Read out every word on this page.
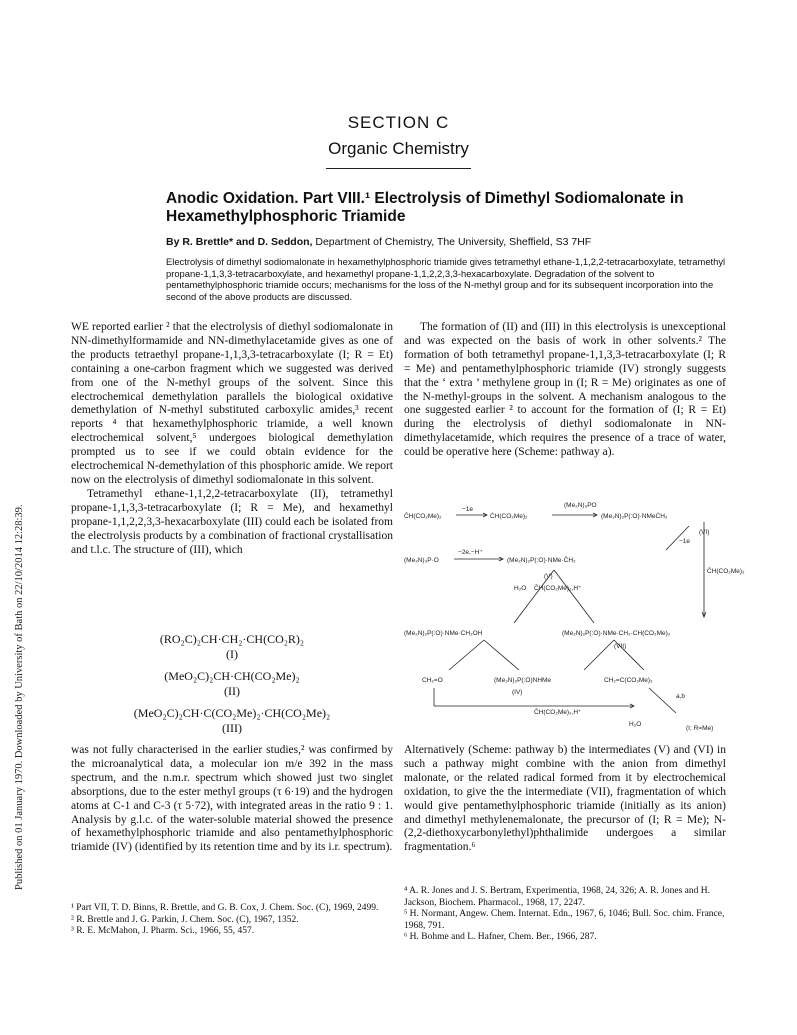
Published on 01 January 1970. Downloaded by University of Bath on 22/10/2014 12:28:39.
SECTION C
Organic Chemistry
Anodic Oxidation. Part VIII.¹ Electrolysis of Dimethyl Sodiomalonate in Hexamethylphosphoric Triamide
By R. Brettle* and D. Seddon, Department of Chemistry, The University, Sheffield, S3 7HF
Electrolysis of dimethyl sodiomalonate in hexamethylphosphoric triamide gives tetramethyl ethane-1,1,2,2-tetracarboxylate, tetramethyl propane-1,1,3,3-tetracarboxylate, and hexamethyl propane-1,1,2,2,3,3-hexacarboxylate. Degradation of the solvent to pentamethylphosphoric triamide occurs; mechanisms for the loss of the N-methyl group and for its subsequent incorporation into the second of the above products are discussed.

WE reported earlier ² that the electrolysis of diethyl sodiomalonate in NN-dimethylformamide and NN-dimethylacetamide gives as one of the products tetraethyl propane-1,1,3,3-tetracarboxylate (I; R = Et) containing a one-carbon fragment which we suggested was derived from one of the N-methyl groups of the solvent. Since this electrochemical demethylation parallels the biological oxidative demethylation of N-methyl substituted carboxylic amides,³ recent reports ⁴ that hexamethylphosphoric triamide, a well known electrochemical solvent,⁵ undergoes biological demethylation prompted us to see if we could obtain evidence for the electrochemical N-demethylation of this phosphoric amide. We report now on the electrolysis of dimethyl sodiomalonate in this solvent.

Tetramethyl ethane-1,1,2,2-tetracarboxylate (II), tetramethyl propane-1,1,3,3-tetracarboxylate (I; R = Me), and hexamethyl propane-1,1,2,2,3,3-hexacarboxylate (III) could each be isolated from the electrolysis products by a combination of fractional crystallisation and t.l.c. The structure of (III), which

(RO₂C)₂CH·CH₂·CH(CO₂R)₂
(I)
(MeO₂C)₂CH·CH(CO₂Me)₂
(II)
(MeO₂C)₂CH·C(CO₂Me)₂·CH(CO₂Me)₂
(III)

was not fully characterised in the earlier studies,² was confirmed by the microanalytical data, a molecular ion m/e 392 in the mass spectrum, and the n.m.r. spectrum which showed just two singlet absorptions, due to the ester methyl groups (τ 6·19) and the hydrogen atoms at C-1 and C-3 (τ 5·72), with integrated areas in the ratio 9 : 1. Analysis by g.l.c. of the water-soluble material showed the presence of hexamethylphosphoric triamide and also pentamethylphosphoric triamide (IV) (identified by its retention time and by its i.r. spectrum).

The formation of (II) and (III) in this electrolysis is unexceptional and was expected on the basis of work in other solvents.² The formation of both tetramethyl propane-1,1,3,3-tetracarboxylate (I; R = Me) and pentamethylphosphoric triamide (IV) strongly suggests that the ‘ extra ’ methylene group in (I; R = Me) originates as one of the N-methyl-groups in the solvent. A mechanism analogous to the one suggested earlier ² to account for the formation of (I; R = Et) during the electrolysis of diethyl sodiomalonate in NN-dimethylacetamide, which requires the presence of a trace of water, could be operative here (Scheme: pathway a).

C̄H(CO₂Me)₂
−1e
ĊH(CO₂Me)₂
(Me₂N)₃PO
(Me₂N)₂P(:O)·NMeĊH₂
(VI)
−1e
(Me₂N)₃P·O
−2e,−H⁺
(Me₂N)₂P(:O)·NMe·C̄H₂
(V)
C̄H(CO₂Me)₂
H₂O C̄H(CO₂Me)₂,H⁺
(Me₂N)₂P(:O)·NMe·CH₂OH	(Me₂N)₂P(:O)·NMe·CH₂·CH(CO₂Me)₂
(VII)
CH₂=O	(Me₂N)₂P(:O)NHMe
(IV)
CH₂=C(CO₂Me)₂
C̄H(CO₂Me)₂,H⁺
a,b
H₂O
(I; R=Me)

Alternatively (Scheme: pathway b) the intermediates (V) and (VI) in such a pathway might combine with the anion from dimethyl malonate, or the related radical formed from it by electrochemical oxidation, to give the the intermediate (VII), fragmentation of which would give pentamethylphosphoric triamide (initially as its anion) and dimethyl methylenemalonate, the precursor of (I; R = Me); N-(2,2-diethoxycarbonylethyl)phthalimide undergoes a similar fragmentation.⁶

¹ Part VII, T. D. Binns, R. Brettle, and G. B. Cox, J. Chem. Soc. (C), 1969, 2499.

² R. Brettle and J. G. Parkin, J. Chem. Soc. (C), 1967, 1352.

³ R. E. McMahon, J. Pharm. Sci., 1966, 55, 457.

⁴ A. R. Jones and J. S. Bertram, Experimentia, 1968, 24, 326; A. R. Jones and H. Jackson, Biochem. Pharmacol., 1968, 17, 2247.

⁵ H. Normant, Angew. Chem. Internat. Edn., 1967, 6, 1046; Bull. Soc. chim. France, 1968, 791.

⁶ H. Bohme and L. Hafner, Chem. Ber., 1966, 287.
